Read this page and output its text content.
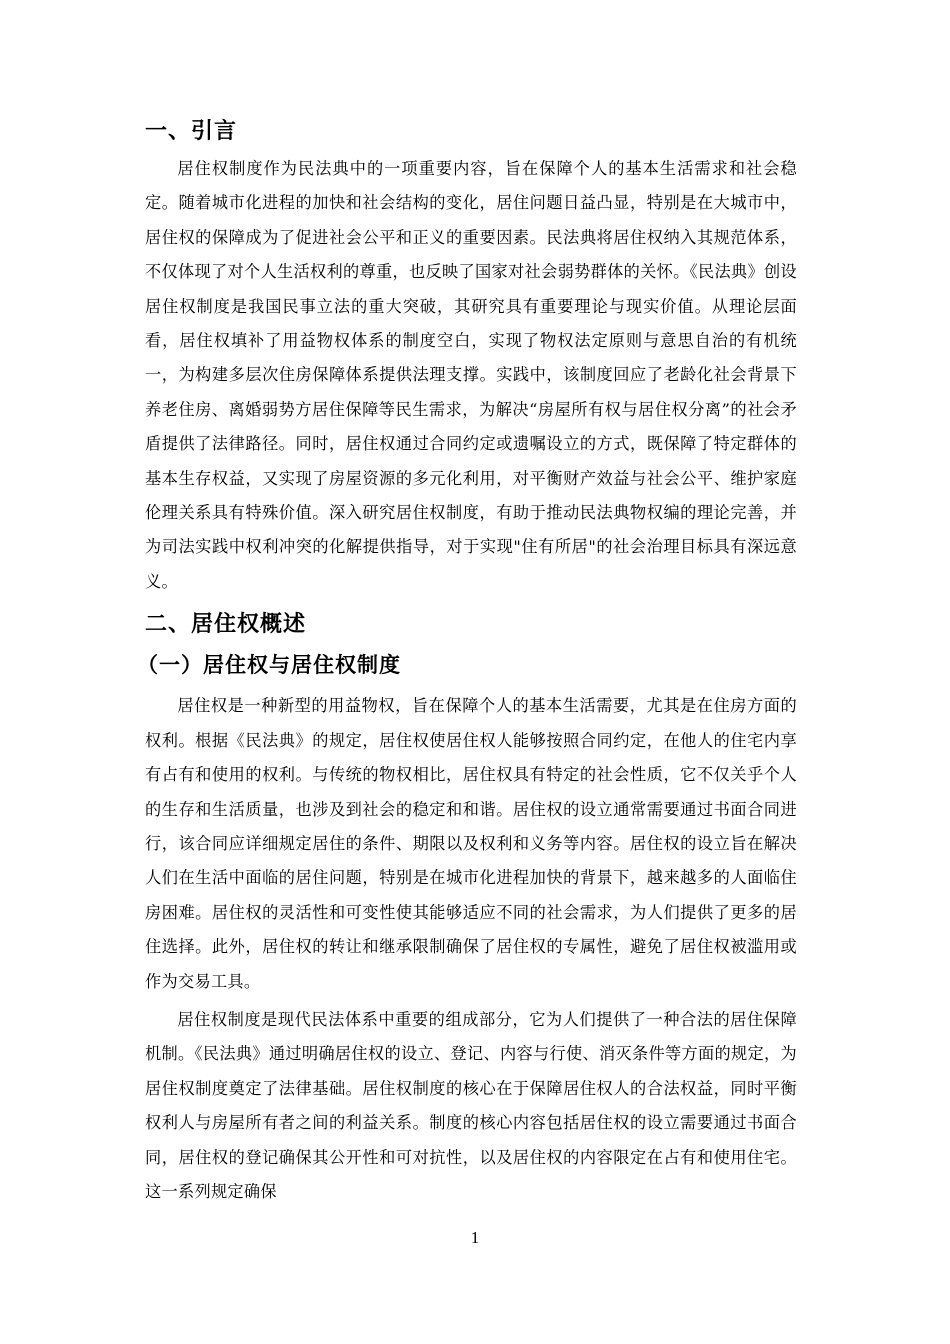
一、引言

居住权制度作为民法典中的一项重要内容，旨在保障个人的基本生活需求和社会稳定。随着城市化进程的加快和社会结构的变化，居住问题日益凸显，特别是在大城市中，居住权的保障成为了促进社会公平和正义的重要因素。民法典将居住权纳入其规范体系，不仅体现了对个人生活权利的尊重，也反映了国家对社会弱势群体的关怀。《民法典》创设居住权制度是我国民事立法的重大突破，其研究具有重要理论与现实价值。从理论层面看，居住权填补了用益物权体系的制度空白，实现了物权法定原则与意思自治的有机统一，为构建多层次住房保障体系提供法理支撑。实践中，该制度回应了老龄化社会背景下养老住房、离婚弱势方居住保障等民生需求，为解决“房屋所有权与居住权分离”的社会矛盾提供了法律路径。同时，居住权通过合同约定或遗嘱设立的方式，既保障了特定群体的基本生存权益，又实现了房屋资源的多元化利用，对平衡财产效益与社会公平、维护家庭伦理关系具有特殊价值。深入研究居住权制度，有助于推动民法典物权编的理论完善，并为司法实践中权利冲突的化解提供指导，对于实现"住有所居"的社会治理目标具有深远意义。

二、居住权概述
（一）居住权与居住权制度

居住权是一种新型的用益物权，旨在保障个人的基本生活需要，尤其是在住房方面的权利。根据《民法典》的规定，居住权使居住权人能够按照合同约定，在他人的住宅内享有占有和使用的权利。与传统的物权相比，居住权具有特定的社会性质，它不仅关乎个人的生存和生活质量，也涉及到社会的稳定和和谐。居住权的设立通常需要通过书面合同进行，该合同应详细规定居住的条件、期限以及权利和义务等内容。居住权的设立旨在解决人们在生活中面临的居住问题，特别是在城市化进程加快的背景下，越来越多的人面临住房困难。居住权的灵活性和可变性使其能够适应不同的社会需求，为人们提供了更多的居住选择。此外，居住权的转让和继承限制确保了居住权的专属性，避免了居住权被滥用或作为交易工具。

居住权制度是现代民法体系中重要的组成部分，它为人们提供了一种合法的居住保障机制。《民法典》通过明确居住权的设立、登记、内容与行使、消灭条件等方面的规定，为居住权制度奠定了法律基础。居住权制度的核心在于保障居住权人的合法权益，同时平衡权利人与房屋所有者之间的利益关系。制度的核心内容包括居住权的设立需要通过书面合同，居住权的登记确保其公开性和可对抗性，以及居住权的内容限定在占有和使用住宅。这一系列规定确保

1
